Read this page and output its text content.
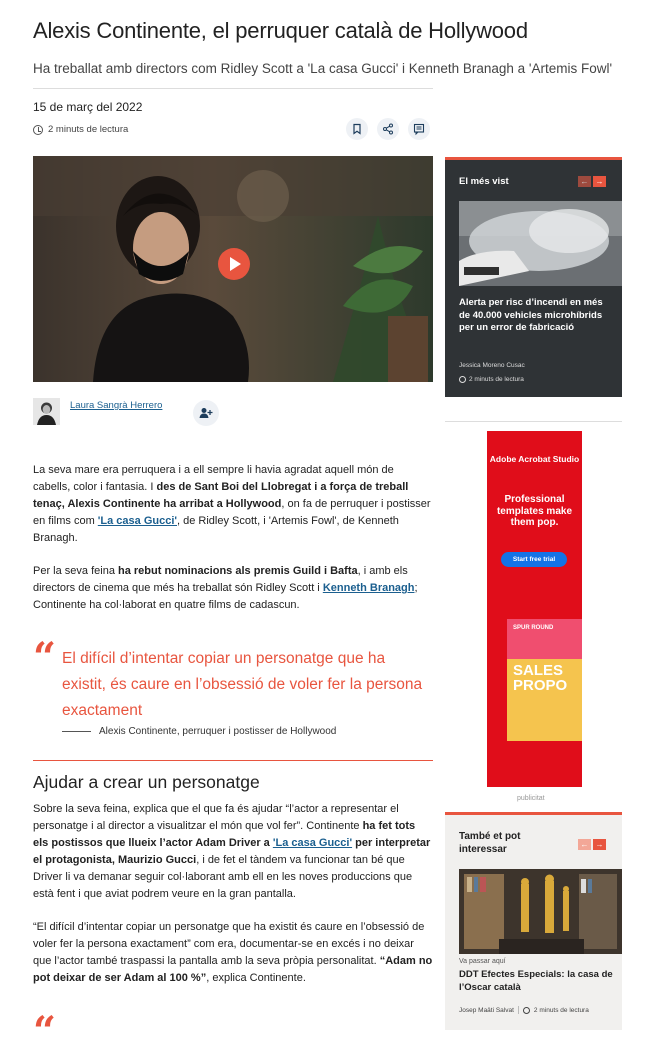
Alexis Continente, el perruquer català de Hollywood

Ha treballat amb directors com Ridley Scott a 'La casa Gucci' i Kenneth Branagh a 'Artemis Fowl'

15 de març del 2022
2 minuts de lectura
Laura Sangrà Herrero

La seva mare era perruquera i a ell sempre li havia agradat aquell món de cabells, color i fantasia. I des de Sant Boi del Llobregat i a força de treball tenaç, Alexis Continente ha arribat a Hollywood, on fa de perruquer i postisser en films com 'La casa Gucci', de Ridley Scott, i 'Artemis Fowl', de Kenneth Branagh.

Per la seva feina ha rebut nominacions als premis Guild i Bafta, i amb els directors de cinema que més ha treballat són Ridley Scott i Kenneth Branagh; Continente ha col·laborat en quatre films de cadascun.

“ El difícil d’intentar copiar un personatge que ha existit, és caure en l’obsessió de voler fer la persona exactament
Alexis Continente, perruquer i postisser de Hollywood
Ajudar a crear un personatge

Sobre la seva feina, explica que el que fa és ajudar “l’actor a representar el personatge i al director a visualitzar el món que vol fer”. Continente ha fet tots els postissos que llueix l’actor Adam Driver a 'La casa Gucci' per interpretar el protagonista, Maurizio Gucci, i de fet el tàndem va funcionar tan bé que Driver li va demanar seguir col·laborant amb ell en les noves produccions que està fent i que aviat podrem veure en la gran pantalla.

“El difícil d’intentar copiar un personatge que ha existit és caure en l’obsessió de voler fer la persona exactament” com era, documentar-se en excés i no deixar que l’actor també traspassi la pantalla amb la seva pròpia personalitat. “Adam no pot deixar de ser Adam al 100 %”, explica Continente.

“
El més vist	← →
Alerta per risc d’incendi en més de 40.000 vehicles microhíbrids per un error de fabricació
Jessica Moreno Cusac
2 minuts de lectura
Adobe Acrobat Studio
Professional templates make them pop.
Start free trial
SPUR ROUND
SALES PROPO
publicitat
També et pot interessar	← →
Va passar aquí
DDT Efectes Especials: la casa de l’Oscar català
Josep Maäti Salvat	2 minuts de lectura
